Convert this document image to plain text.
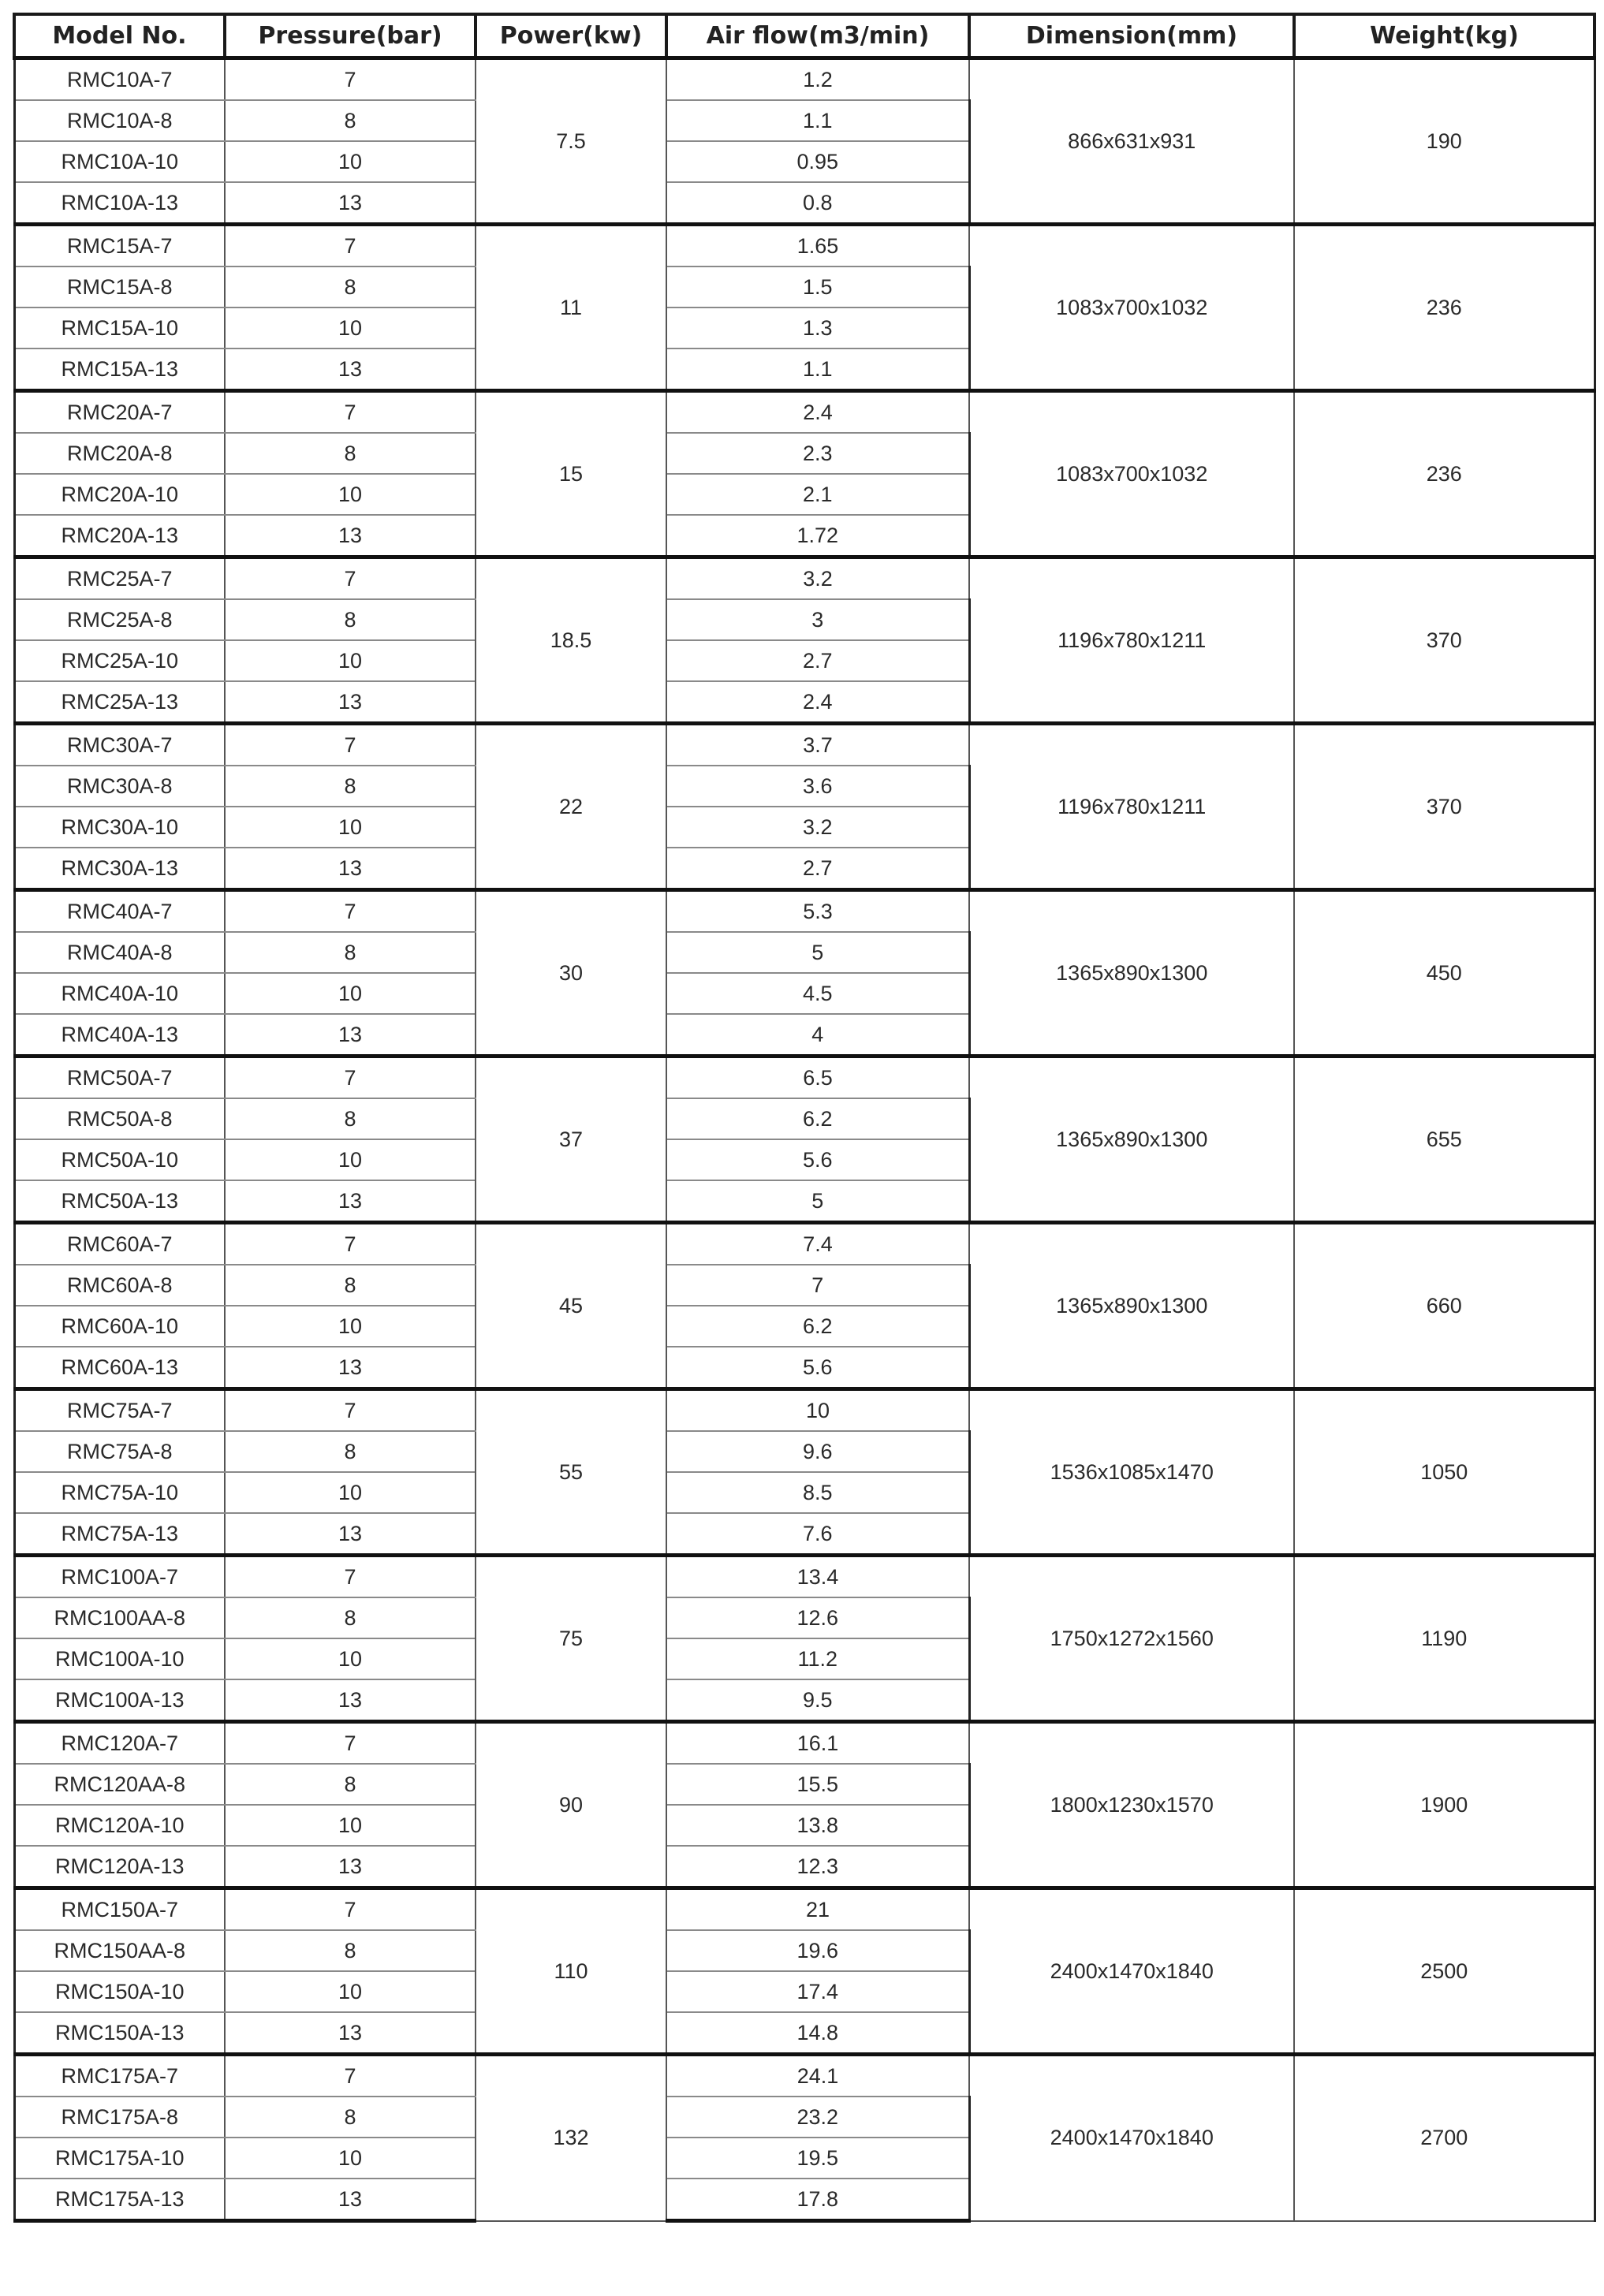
Model No.	Pressure(bar)	Power(kw)	Air flow(m3/min)	Dimension(mm)	Weight(kg)
RMC10A-7	7	7.5	1.2	866x631x931	190
RMC10A-8	8		1.1		
RMC10A-10	10		0.95		
RMC10A-13	13		0.8		
RMC15A-7	7	11	1.65	1083x700x1032	236
RMC15A-8	8		1.5		
RMC15A-10	10		1.3		
RMC15A-13	13		1.1		
RMC20A-7	7	15	2.4	1083x700x1032	236
RMC20A-8	8		2.3		
RMC20A-10	10		2.1		
RMC20A-13	13		1.72		
RMC25A-7	7	18.5	3.2	1196x780x1211	370
RMC25A-8	8		3		
RMC25A-10	10		2.7		
RMC25A-13	13		2.4		
RMC30A-7	7	22	3.7	1196x780x1211	370
RMC30A-8	8		3.6		
RMC30A-10	10		3.2		
RMC30A-13	13		2.7		
RMC40A-7	7	30	5.3	1365x890x1300	450
RMC40A-8	8		5		
RMC40A-10	10		4.5		
RMC40A-13	13		4		
RMC50A-7	7	37	6.5	1365x890x1300	655
RMC50A-8	8		6.2		
RMC50A-10	10		5.6		
RMC50A-13	13		5		
RMC60A-7	7	45	7.4	1365x890x1300	660
RMC60A-8	8		7		
RMC60A-10	10		6.2		
RMC60A-13	13		5.6		
RMC75A-7	7	55	10	1536x1085x1470	1050
RMC75A-8	8		9.6		
RMC75A-10	10		8.5		
RMC75A-13	13		7.6		
RMC100A-7	7	75	13.4	1750x1272x1560	1190
RMC100AA-8	8		12.6		
RMC100A-10	10		11.2		
RMC100A-13	13		9.5		
RMC120A-7	7	90	16.1	1800x1230x1570	1900
RMC120AA-8	8		15.5		
RMC120A-10	10		13.8		
RMC120A-13	13		12.3		
RMC150A-7	7	110	21	2400x1470x1840	2500
RMC150AA-8	8		19.6		
RMC150A-10	10		17.4		
RMC150A-13	13		14.8		
RMC175A-7	7	132	24.1	2400x1470x1840	2700
RMC175A-8	8		23.2		
RMC175A-10	10		19.5		
RMC175A-13	13		17.8		
